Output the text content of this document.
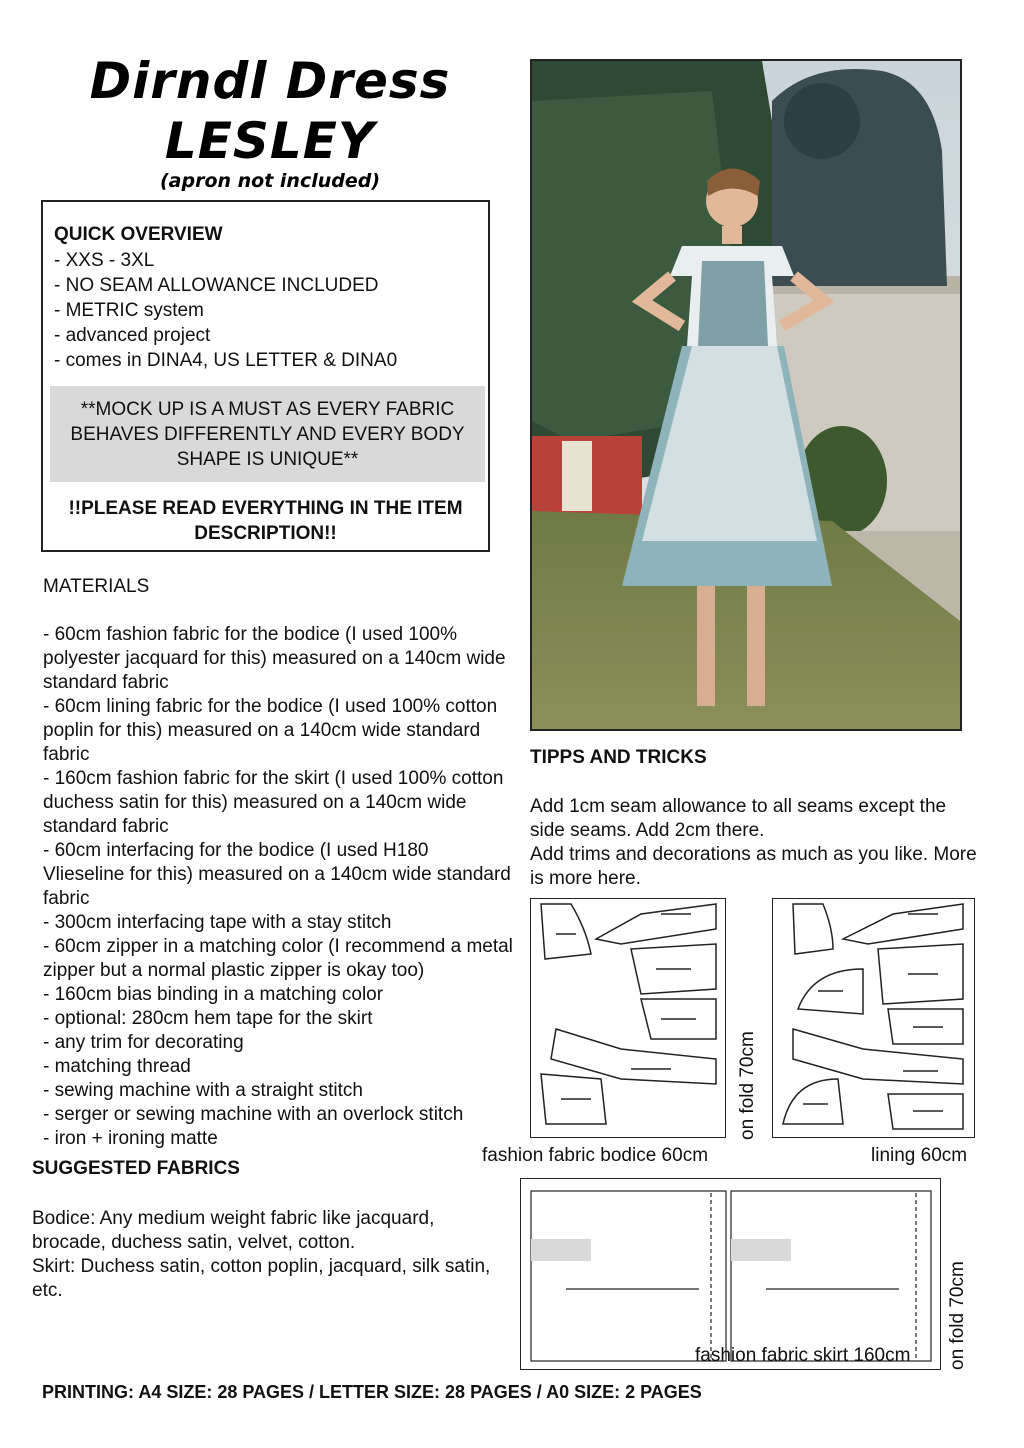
Dirndl Dress
LESLEY
(apron not included)
QUICK OVERVIEW
- XXS - 3XL
- NO SEAM ALLOWANCE INCLUDED
- METRIC system
- advanced project
- comes in DINA4, US LETTER & DINA0
**MOCK UP IS A MUST AS EVERY FABRIC BEHAVES DIFFERENTLY AND EVERY BODY SHAPE IS UNIQUE**
!!PLEASE READ EVERYTHING IN THE ITEM DESCRIPTION!!
MATERIALS
- 60cm fashion fabric for the bodice (I used 100% polyester jacquard for this) measured on a 140cm wide standard fabric
- 60cm lining fabric for the bodice (I used 100% cotton poplin for this) measured on a 140cm wide standard fabric
- 160cm fashion fabric for the skirt (I used 100% cotton duchess satin for this) measured on a 140cm wide standard fabric
- 60cm interfacing for the bodice (I used H180 Vlieseline for this) measured on a 140cm wide standard fabric
- 300cm interfacing tape with a stay stitch
- 60cm zipper in a matching color (I recommend a metal zipper but a normal plastic zipper is okay too)
- 160cm bias binding in a matching color
- optional: 280cm hem tape for the skirt
- any trim for decorating
- matching thread
- sewing machine with a straight stitch
- serger or sewing machine with an overlock stitch
- iron + ironing matte
SUGGESTED FABRICS
Bodice: Any medium weight fabric like jacquard, brocade, duchess satin, velvet, cotton.
Skirt: Duchess satin, cotton poplin, jacquard, silk satin, etc.
TIPPS AND TRICKS
Add 1cm seam allowance to all seams except the side seams. Add 2cm there.
Add trims and decorations as much as you like. More is more here.
on fold 70cm
fashion fabric bodice 60cm	lining 60cm
fashion fabric skirt 160cm on fold 70cm
PRINTING: A4 SIZE: 28 PAGES / LETTER SIZE: 28 PAGES / A0 SIZE: 2 PAGES
